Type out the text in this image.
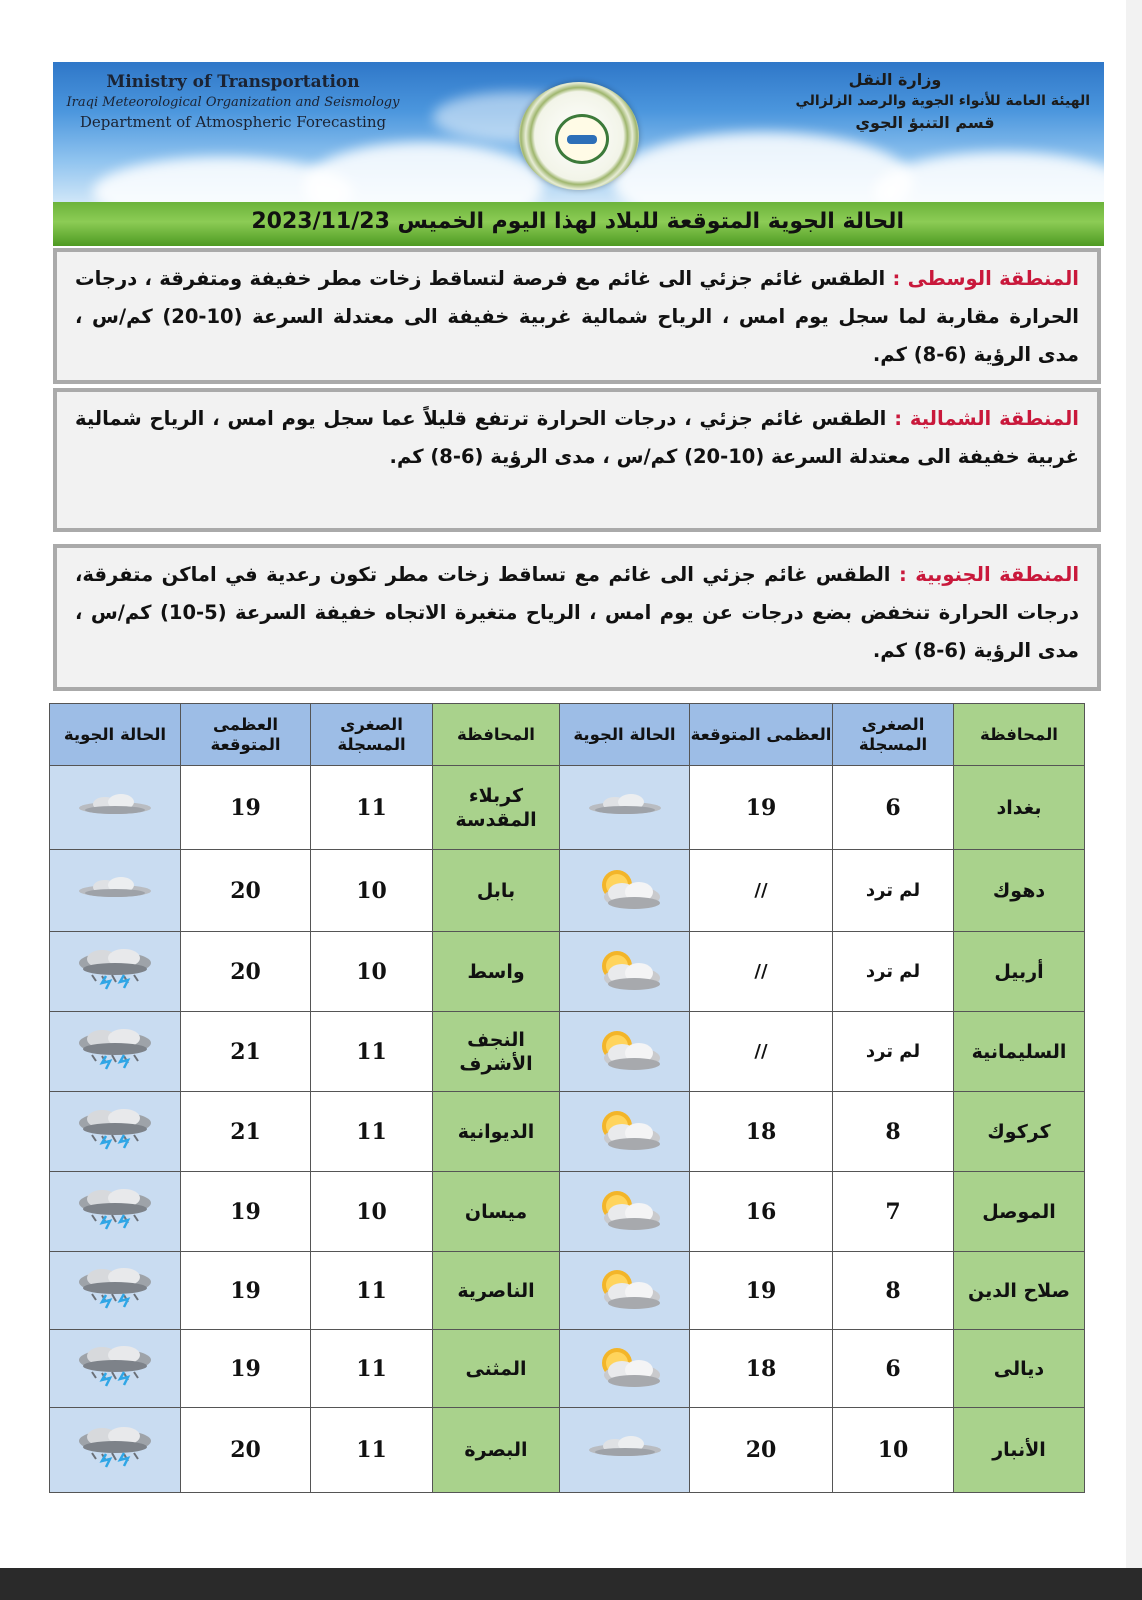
Ministry of Transportation
Iraqi Meteorological Organization and Seismology
Department of Atmospheric Forecasting
وزارة النقل
الهيئة العامة للأنواء الجوية والرصد الزلزالي
قسم التنبؤ الجوي
الحالة الجوية المتوقعة للبلاد لهذا اليوم الخميس 2023/11/23
المنطقة الوسطى : الطقس غائم جزئي الى غائم مع فرصة لتساقط زخات مطر خفيفة ومتفرقة ، درجات الحرارة مقاربة لما سجل يوم امس ، الرياح شمالية غربية خفيفة الى معتدلة السرعة (10-20) كم/س ، مدى الرؤية (6-8) كم.
المنطقة الشمالية : الطقس غائم جزئي ، درجات الحرارة ترتفع قليلاً عما سجل يوم امس ، الرياح شمالية غربية خفيفة الى معتدلة السرعة (10-20) كم/س ، مدى الرؤية (6-8) كم.
المنطقة الجنوبية : الطقس غائم جزئي الى غائم مع تساقط زخات مطر تكون رعدية في اماكن متفرقة، درجات الحرارة تنخفض بضع درجات عن يوم امس ، الرياح متغيرة الاتجاه خفيفة السرعة (5-10) كم/س ، مدى الرؤية (6-8) كم.
الحالة الجوية	العظمى المتوقعة	الصغرى المسجلة	المحافظة	الحالة الجوية	العظمى المتوقعة	الصغرى المسجلة	المحافظة
	19	11	كربلاء المقدسة		19	6	بغداد
	20	10	بابل		//	لم ترد	دهوك
	20	10	واسط		//	لم ترد	أربيل
	21	11	النجف الأشرف		//	لم ترد	السليمانية
	21	11	الديوانية		18	8	كركوك
	19	10	ميسان		16	7	الموصل
	19	11	الناصرية		19	8	صلاح الدين
	19	11	المثنى		18	6	ديالى
	20	11	البصرة		20	10	الأنبار
